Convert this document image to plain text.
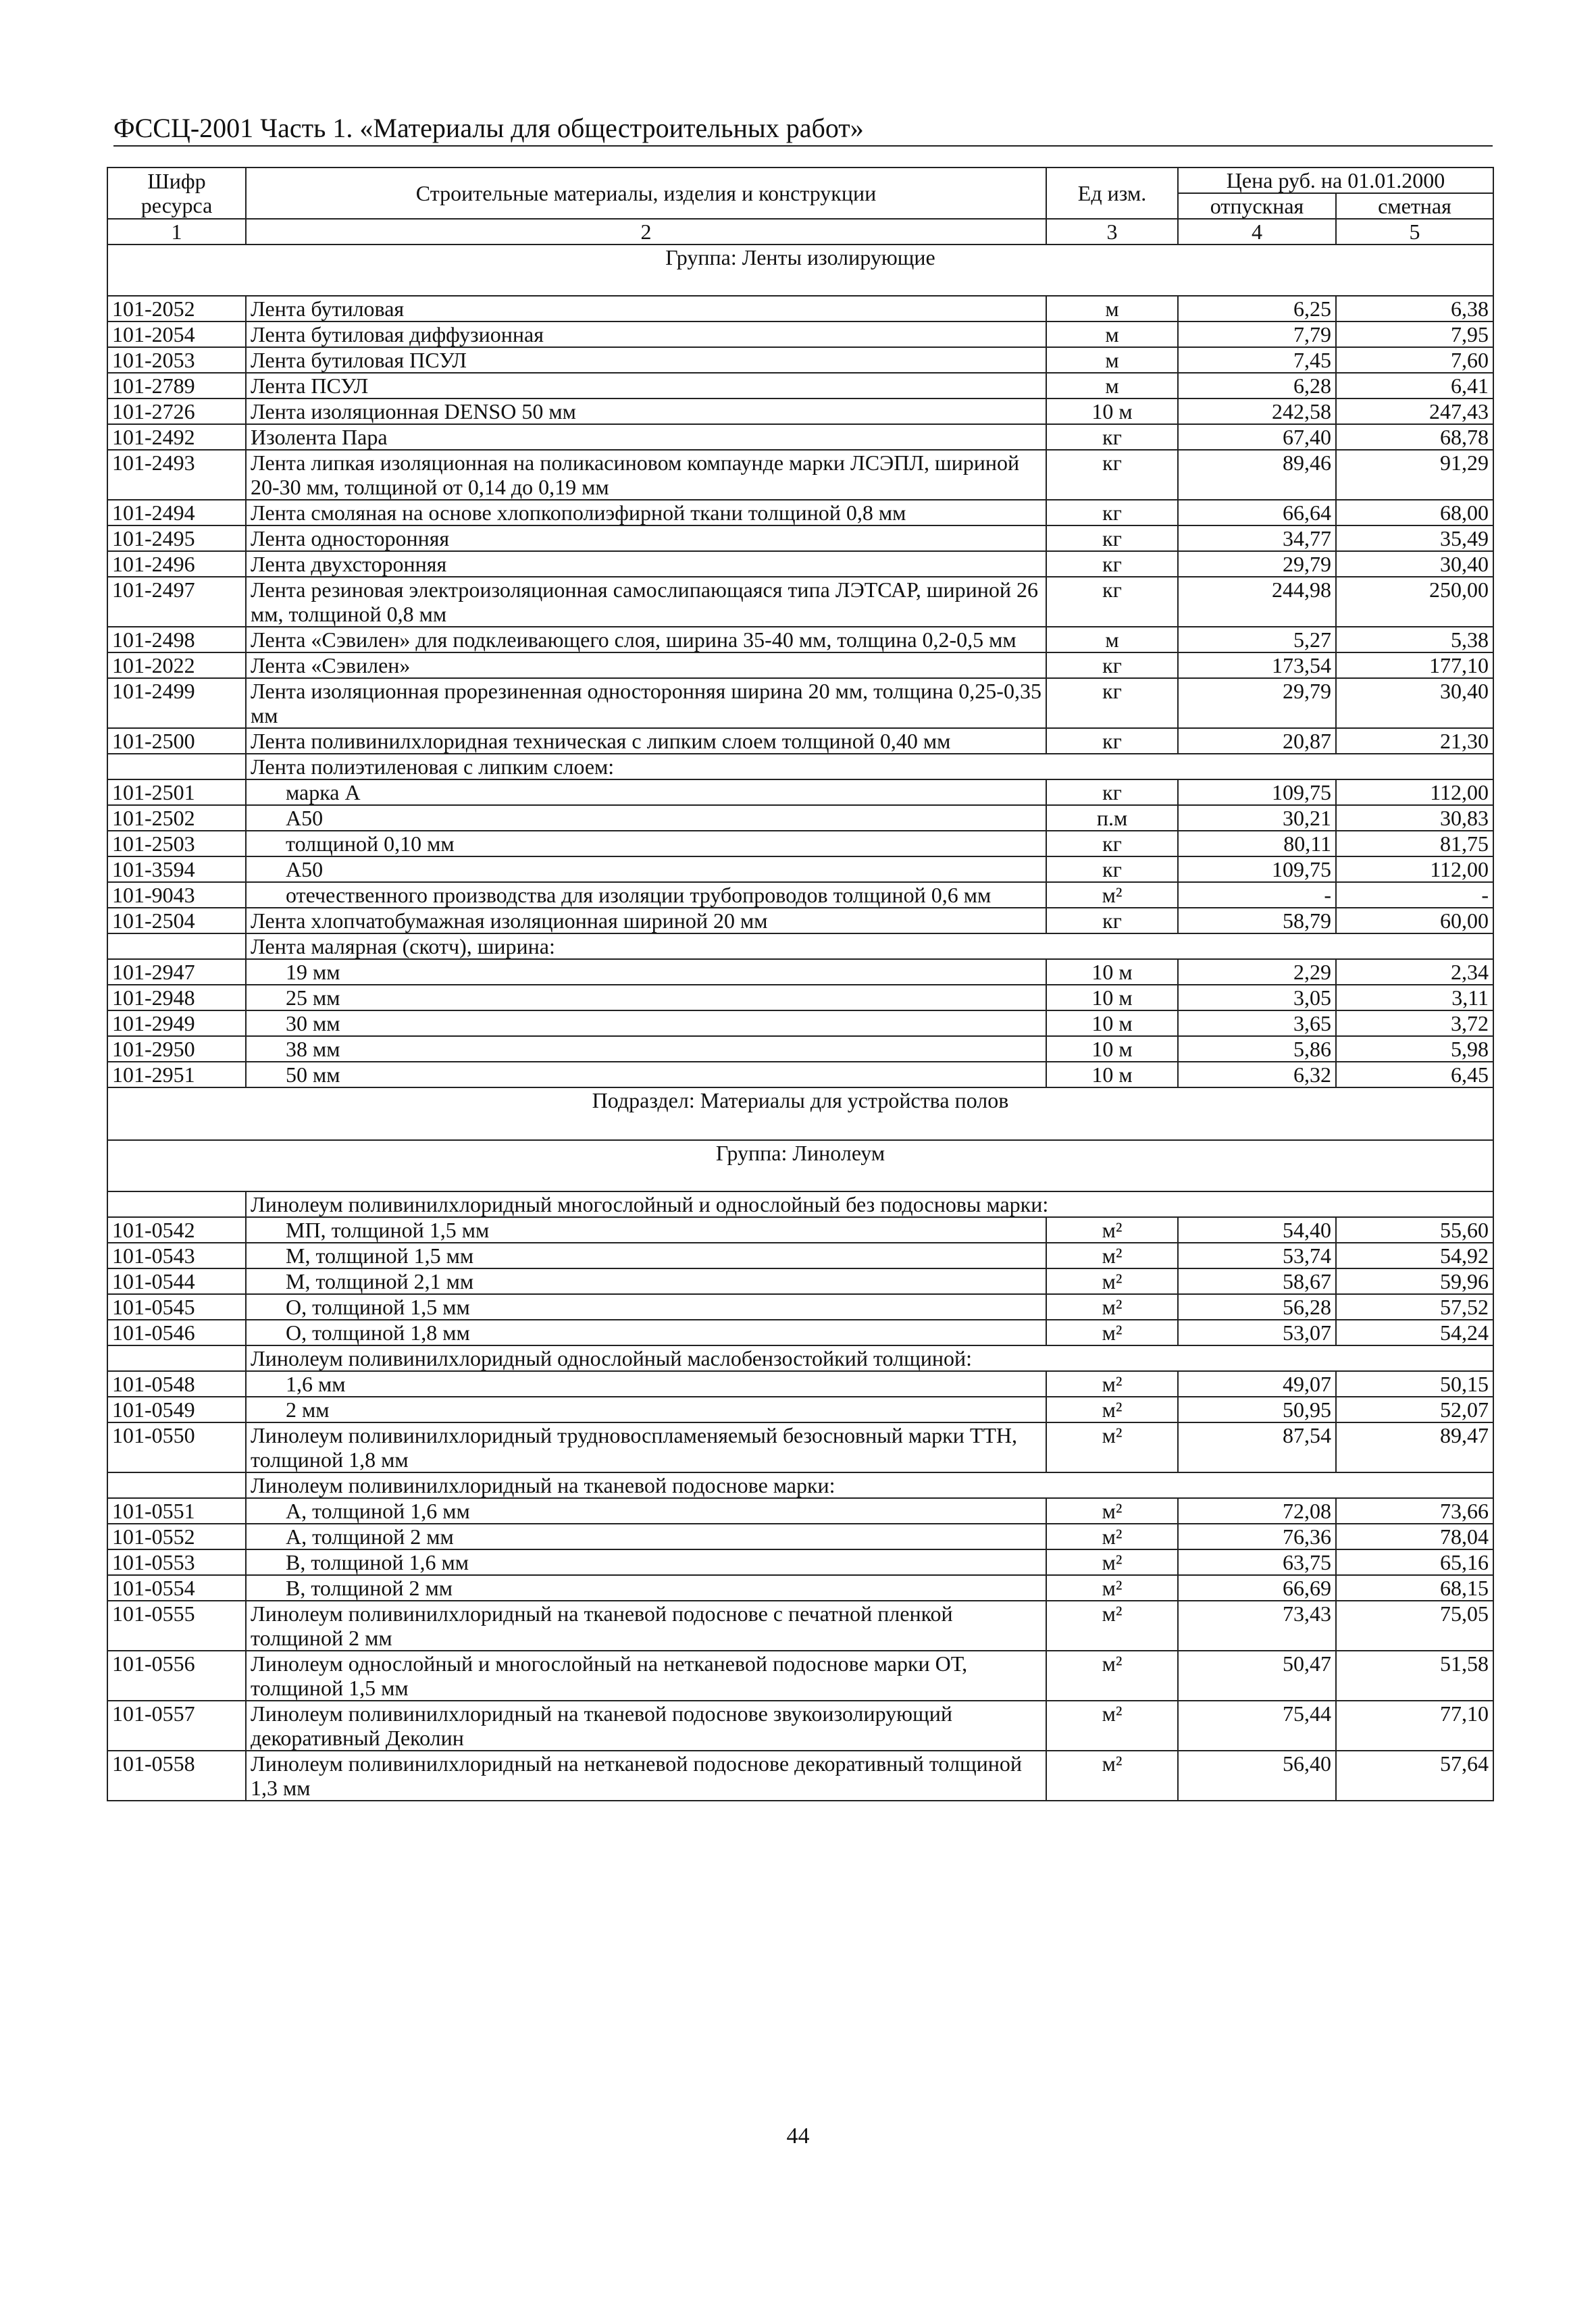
ФССЦ-2001 Часть 1. «Материалы для общестроительных работ»
Шифр ресурса	Строительные материалы, изделия и конструкции	Ед изм.	Цена руб. на 01.01.2000	
			отпускная	сметная
1	2	3	4	5
Группа: Ленты изолирующие				
101-2052	Лента бутиловая	м	6,25	6,38
101-2054	Лента бутиловая диффузионная	м	7,79	7,95
101-2053	Лента бутиловая ПСУЛ	м	7,45	7,60
101-2789	Лента ПСУЛ	м	6,28	6,41
101-2726	Лента изоляционная DENSO 50 мм	10 м	242,58	247,43
101-2492	Изолента Пара	кг	67,40	68,78
101-2493	Лента липкая изоляционная на поликасиновом компаунде марки ЛСЭПЛ, шириной 20-30 мм, толщиной от 0,14 до 0,19 мм	кг	89,46	91,29
101-2494	Лента смоляная на основе хлопкополиэфирной ткани толщиной 0,8 мм	кг	66,64	68,00
101-2495	Лента односторонняя	кг	34,77	35,49
101-2496	Лента двухсторонняя	кг	29,79	30,40
101-2497	Лента резиновая электроизоляционная самослипающаяся типа ЛЭТСАР, шириной 26 мм, толщиной 0,8 мм	кг	244,98	250,00
101-2498	Лента «Сэвилен» для подклеивающего слоя, ширина 35-40 мм, толщина 0,2-0,5 мм	м	5,27	5,38
101-2022	Лента «Сэвилен»	кг	173,54	177,10
101-2499	Лента изоляционная прорезиненная односторонняя ширина 20 мм, толщина 0,25-0,35 мм	кг	29,79	30,40
101-2500	Лента поливинилхлоридная техническая с липким слоем толщиной 0,40 мм	кг	20,87	21,30
	Лента полиэтиленовая с липким слоем:			
101-2501	марка А	кг	109,75	112,00
101-2502	А50	п.м	30,21	30,83
101-2503	толщиной 0,10 мм	кг	80,11	81,75
101-3594	А50	кг	109,75	112,00
101-9043	отечественного производства для изоляции трубопроводов толщиной 0,6 мм	м²	-	-
101-2504	Лента хлопчатобумажная изоляционная шириной 20 мм	кг	58,79	60,00
	Лента малярная (скотч), ширина:			
101-2947	19 мм	10 м	2,29	2,34
101-2948	25 мм	10 м	3,05	3,11
101-2949	30 мм	10 м	3,65	3,72
101-2950	38 мм	10 м	5,86	5,98
101-2951	50 мм	10 м	6,32	6,45
Подраздел: Материалы для устройства полов				
Группа: Линолеум				
	Линолеум поливинилхлоридный многослойный и однослойный без подосновы марки:			
101-0542	МП, толщиной 1,5 мм	м²	54,40	55,60
101-0543	М, толщиной 1,5 мм	м²	53,74	54,92
101-0544	М, толщиной 2,1 мм	м²	58,67	59,96
101-0545	О, толщиной 1,5 мм	м²	56,28	57,52
101-0546	О, толщиной 1,8 мм	м²	53,07	54,24
	Линолеум поливинилхлоридный однослойный маслобензостойкий толщиной:			
101-0548	1,6 мм	м²	49,07	50,15
101-0549	2 мм	м²	50,95	52,07
101-0550	Линолеум поливинилхлоридный трудновоспламеняемый безосновный марки ТТН, толщиной 1,8 мм	м²	87,54	89,47
	Линолеум поливинилхлоридный на тканевой подоснове марки:			
101-0551	А, толщиной 1,6 мм	м²	72,08	73,66
101-0552	А, толщиной 2 мм	м²	76,36	78,04
101-0553	В, толщиной 1,6 мм	м²	63,75	65,16
101-0554	В, толщиной 2 мм	м²	66,69	68,15
101-0555	Линолеум поливинилхлоридный на тканевой подоснове с печатной пленкой толщиной 2 мм	м²	73,43	75,05
101-0556	Линолеум однослойный и многослойный на нетканевой подоснове марки ОТ, толщиной 1,5 мм	м²	50,47	51,58
101-0557	Линолеум поливинилхлоридный на тканевой подоснове звукоизолирующий декоративный Деколин	м²	75,44	77,10
101-0558	Линолеум поливинилхлоридный на нетканевой подоснове декоративный толщиной 1,3 мм	м²	56,40	57,64
44
